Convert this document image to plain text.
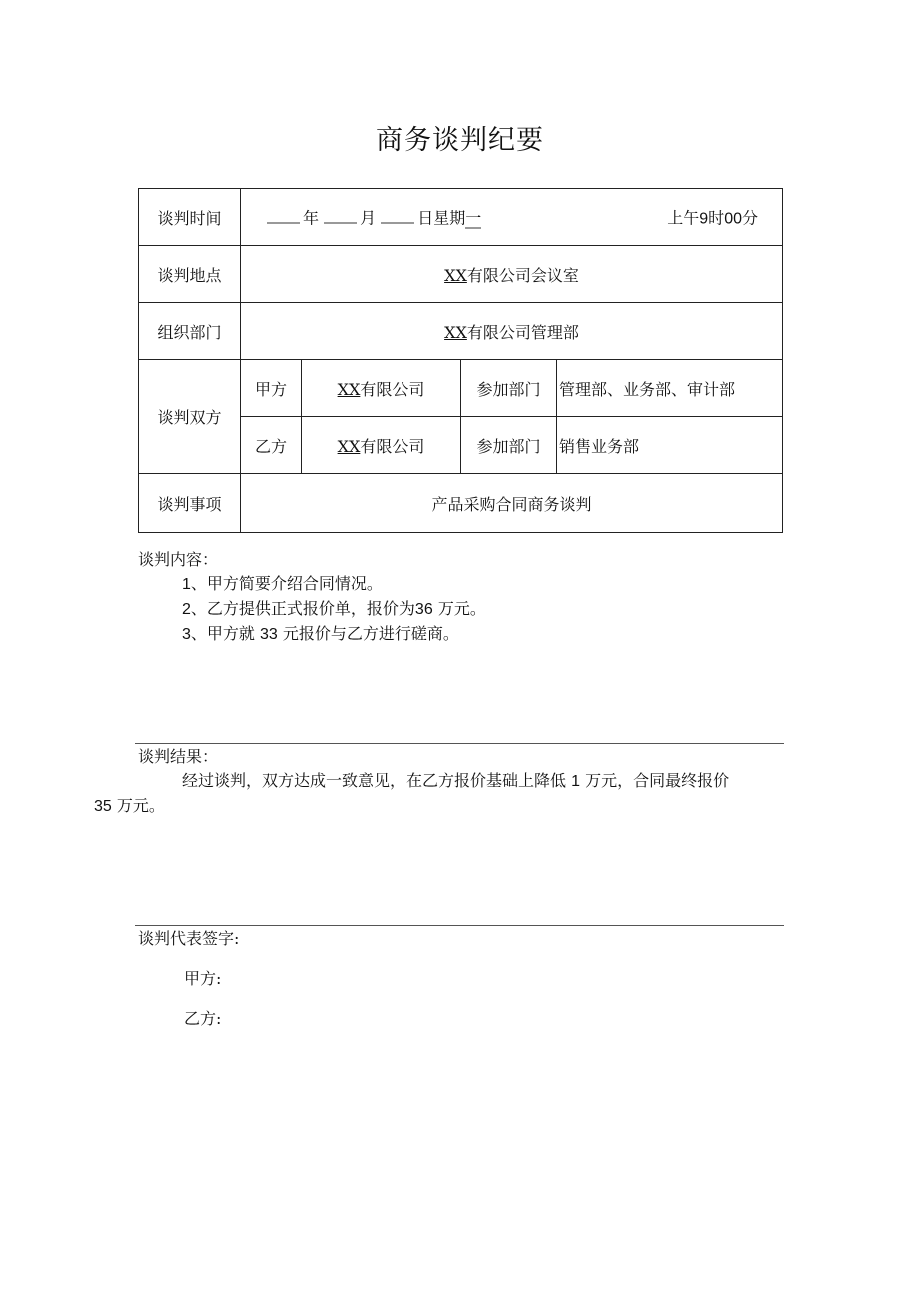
商务谈判纪要
谈判时间	年 月 日星期一 上午9时00分			

谈判地点	XX有限公司会议室			
组织部门	XX有限公司管理部			
谈判双方	甲方	XX有限公司	参加部门	管理部、业务部、审计部
	乙方	XX有限公司	参加部门	销售业务部
谈判事项	产品采购合同商务谈判			
谈判内容：
1、甲方简要介绍合同情况。
2、乙方提供正式报价单，报价为36 万元。
3、甲方就 33 元报价与乙方进行磋商。
谈判结果：
经过谈判，双方达成一致意见，在乙方报价基础上降低 1 万元，合同最终报价
35 万元。
谈判代表签字:
甲方:
乙方:
